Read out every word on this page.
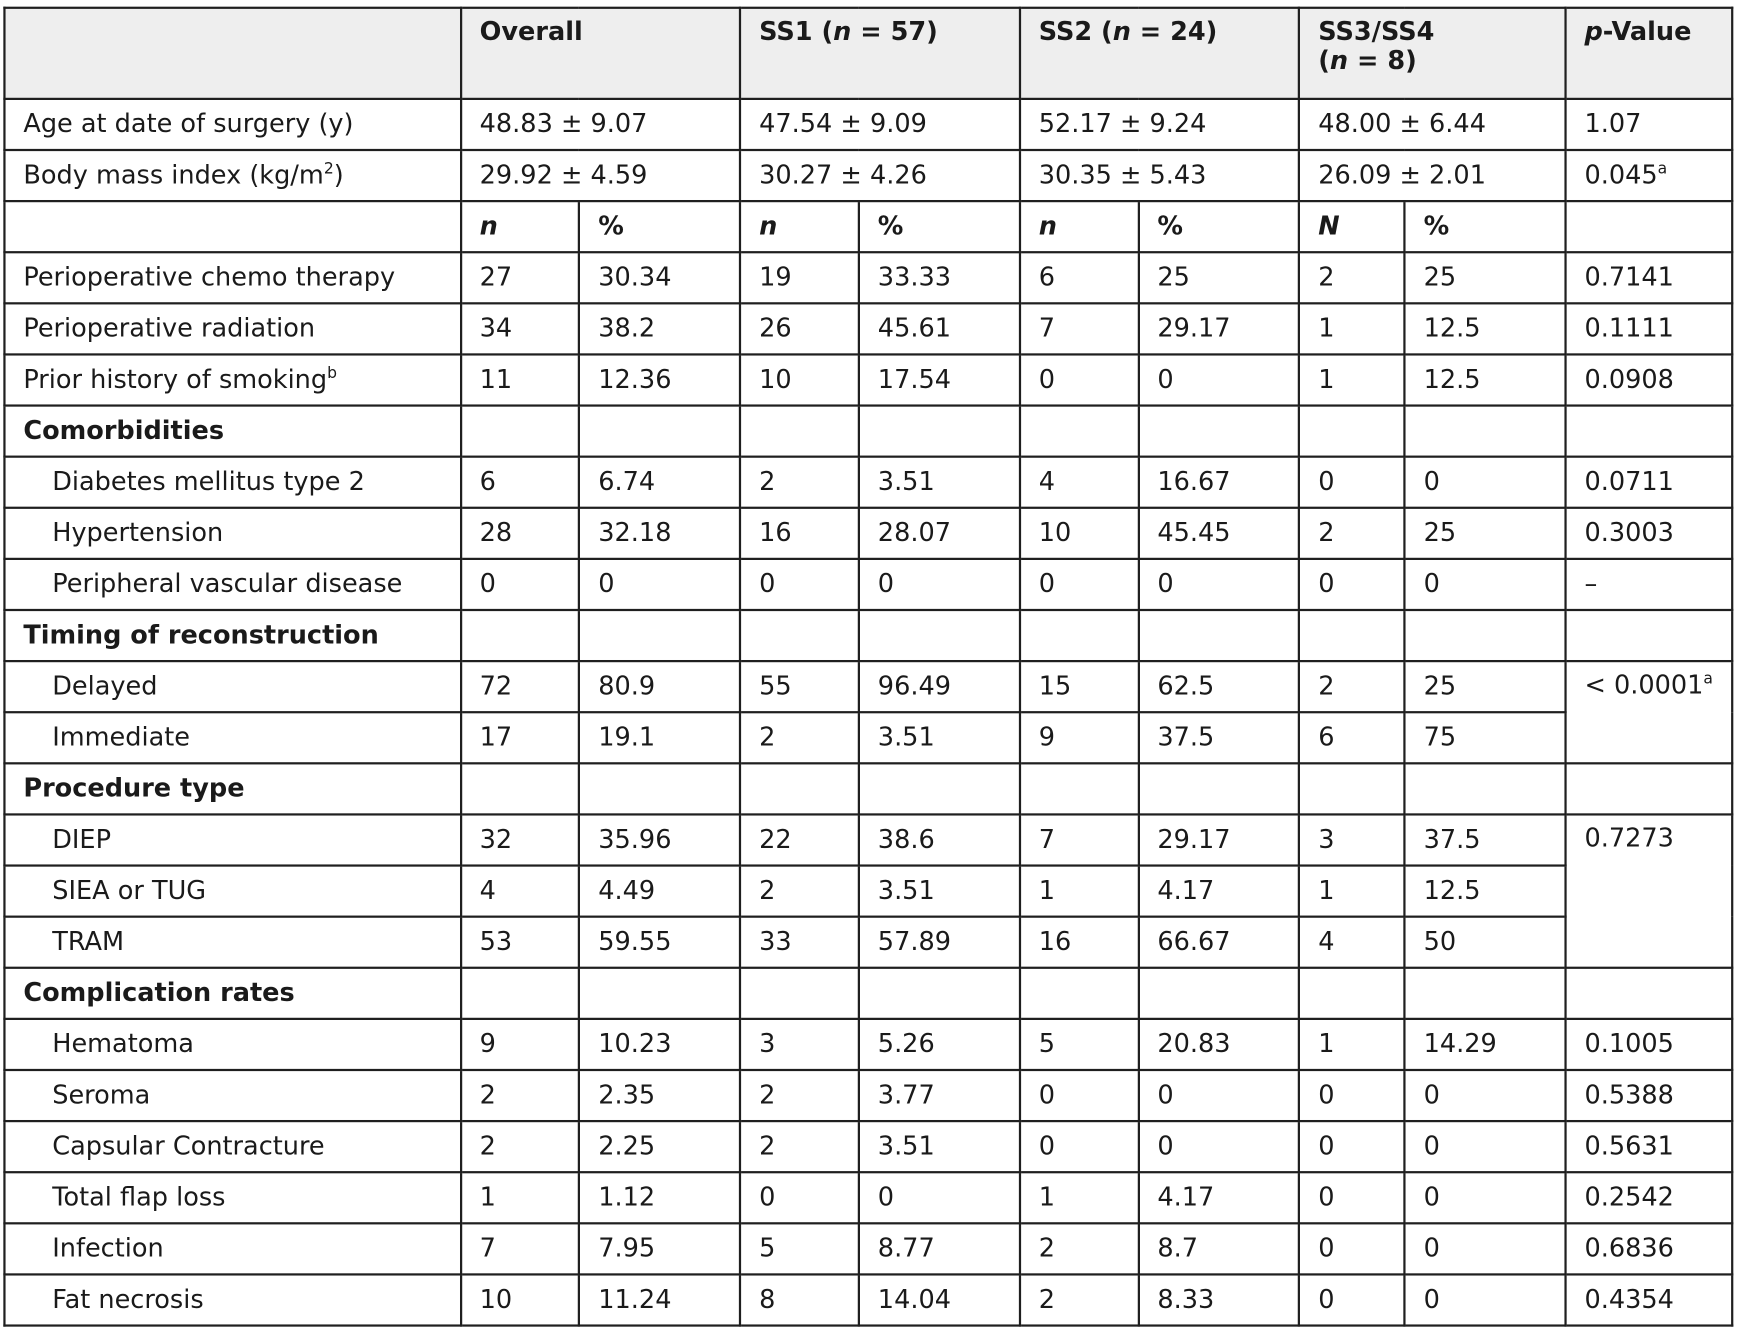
	Overall		SS1 (n = 57)		SS2 (n = 24)		SS3/SS4
(n = 8)		p-Value
Age at date of surgery (y)	48.83 ± 9.07		47.54 ± 9.09		52.17 ± 9.24		48.00 ± 6.44		1.07
Body mass index $(kg/m^2)$	29.92 ± 4.59		30.27 ± 4.26		30.35 ± 5.43		26.09 ± 2.01		0.045$^a$
	n	%	n	%	n	%	N	%	
Perioperative chemo therapy	27	30.34	19	33.33	6	25	2	25	0.7141
Perioperative radiation	34	38.2	26	45.61	7	29.17	1	12.5	0.1111
Prior history of smoking$^b$	11	12.36	10	17.54	0	0	1	12.5	0.0908
Comorbidities									
Diabetes mellitus type 2	6	6.74	2	3.51	4	16.67	0	0	0.0711
Hypertension	28	32.18	16	28.07	10	45.45	2	25	0.3003
Peripheral vascular disease	0	0	0	0	0	0	0	0	–
Timing of reconstruction									
Delayed	72	80.9	55	96.49	15	62.5	2	25	< 0.0001$^a$
Immediate	17	19.1	2	3.51	9	37.5	6	75	
Procedure type									
DIEP	32	35.96	22	38.6	7	29.17	3	37.5	0.7273
SIEA or TUG	4	4.49	2	3.51	1	4.17	1	12.5	
TRAM	53	59.55	33	57.89	16	66.67	4	50	
Complication rates									
Hematoma	9	10.23	3	5.26	5	20.83	1	14.29	0.1005
Seroma	2	2.35	2	3.77	0	0	0	0	0.5388
Capsular Contracture	2	2.25	2	3.51	0	0	0	0	0.5631
Total flap loss	1	1.12	0	0	1	4.17	0	0	0.2542
Infection	7	7.95	5	8.77	2	8.7	0	0	0.6836
Fat necrosis	10	11.24	8	14.04	2	8.33	0	0	0.4354
